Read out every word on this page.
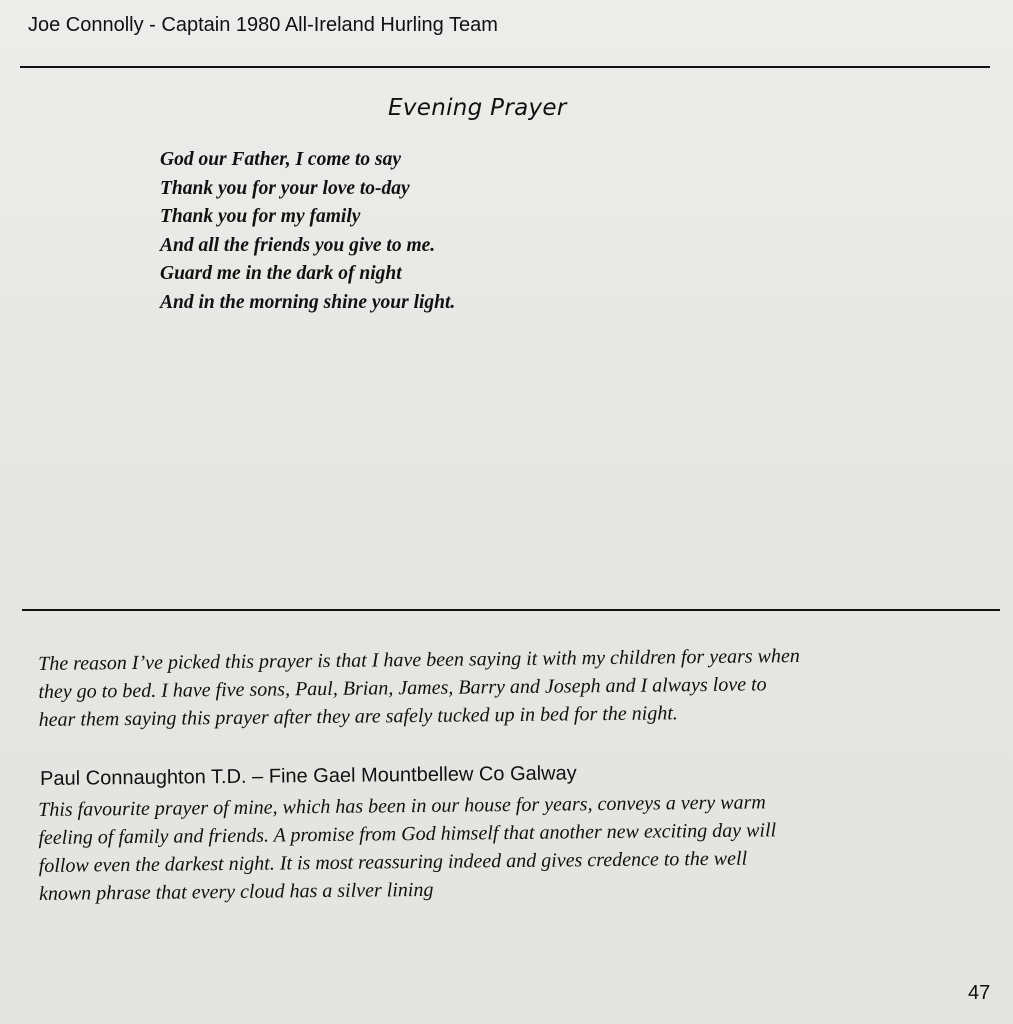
Joe Connolly - Captain 1980 All-Ireland Hurling Team
Evening Prayer
God our Father, I come to say
Thank you for your love to-day
Thank you for my family
And all the friends you give to me.
Guard me in the dark of night
And in the morning shine your light.
The reason I’ve picked this prayer is that I have been saying it with my children for years when
they go to bed. I have five sons, Paul, Brian, James, Barry and Joseph and I always love to
hear them saying this prayer after they are safely tucked up in bed for the night.
Paul Connaughton T.D. – Fine Gael Mountbellew Co Galway
This favourite prayer of mine, which has been in our house for years, conveys a very warm
feeling of family and friends. A promise from God himself that another new exciting day will
follow even the darkest night. It is most reassuring indeed and gives credence to the well
known phrase that every cloud has a silver lining
47
